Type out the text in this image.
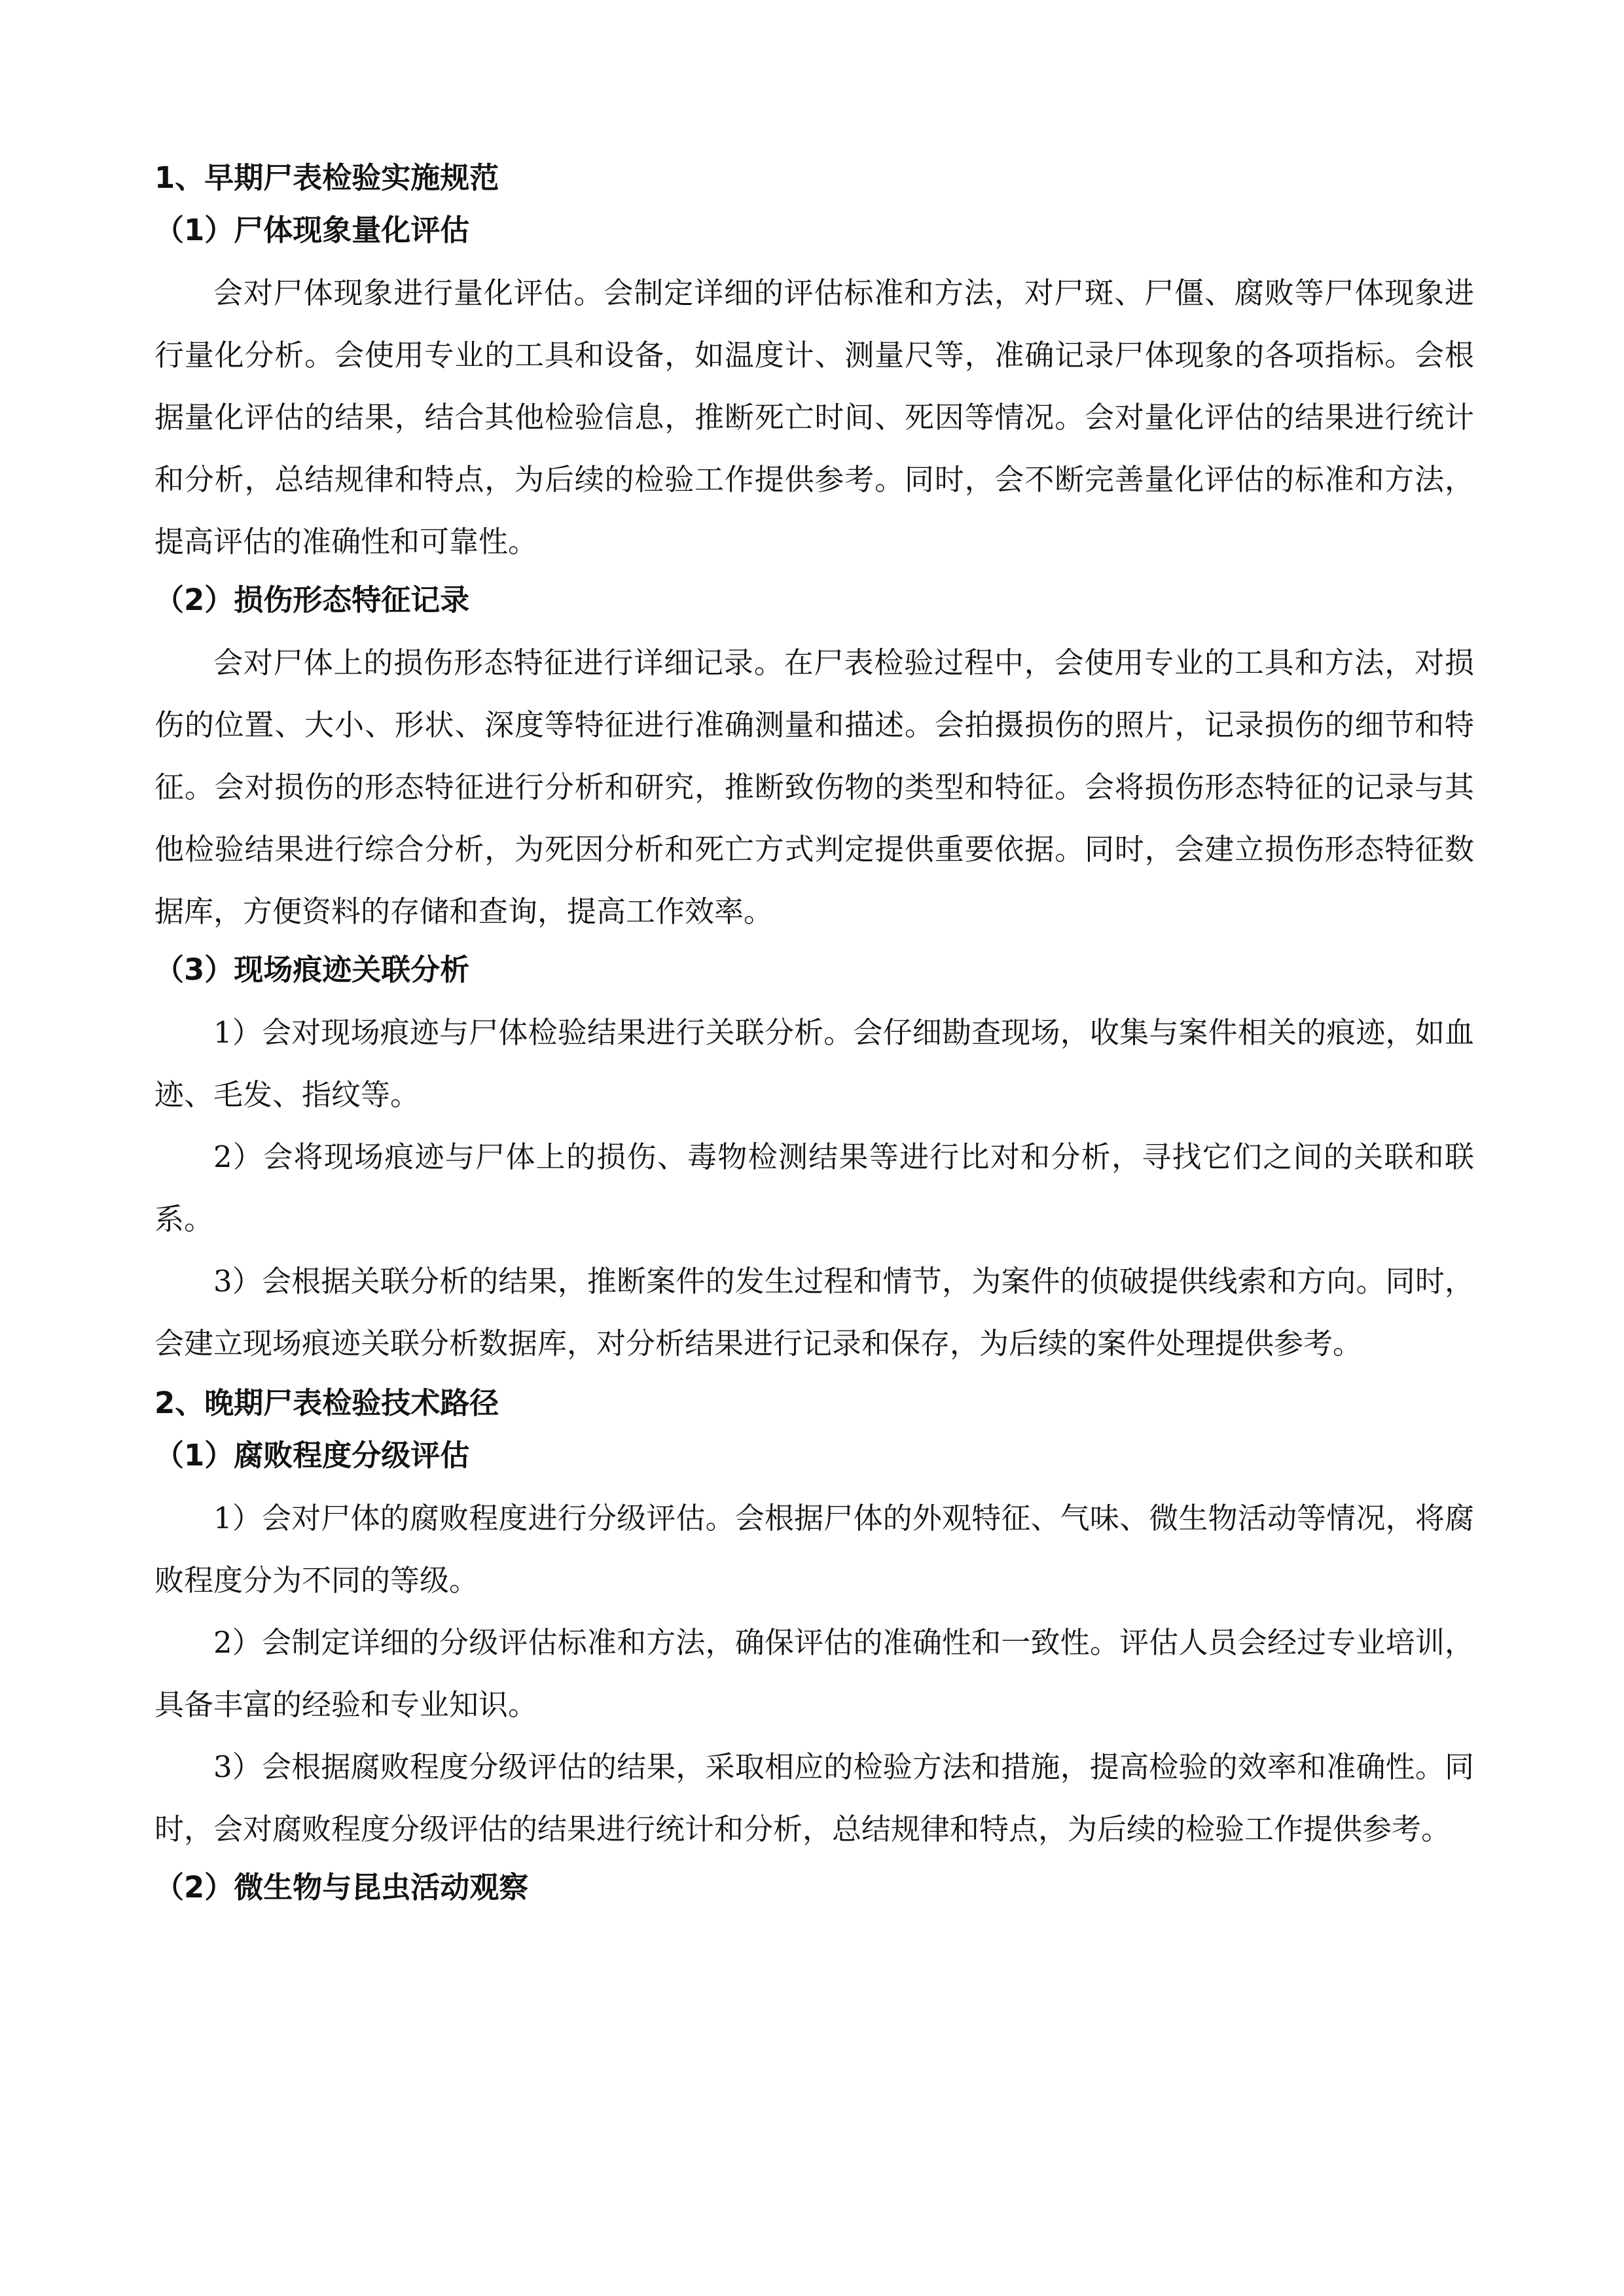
1、早期尸表检验实施规范
（1）尸体现象量化评估

会对尸体现象进行量化评估。会制定详细的评估标准和方法，对尸斑、尸僵、腐败等尸体现象进行量化分析。会使用专业的工具和设备，如温度计、测量尺等，准确记录尸体现象的各项指标。会根据量化评估的结果，结合其他检验信息，推断死亡时间、死因等情况。会对量化评估的结果进行统计和分析，总结规律和特点，为后续的检验工作提供参考。同时，会不断完善量化评估的标准和方法，提高评估的准确性和可靠性。

（2）损伤形态特征记录

会对尸体上的损伤形态特征进行详细记录。在尸表检验过程中，会使用专业的工具和方法，对损伤的位置、大小、形状、深度等特征进行准确测量和描述。会拍摄损伤的照片，记录损伤的细节和特征。会对损伤的形态特征进行分析和研究，推断致伤物的类型和特征。会将损伤形态特征的记录与其他检验结果进行综合分析，为死因分析和死亡方式判定提供重要依据。同时，会建立损伤形态特征数据库，方便资料的存储和查询，提高工作效率。

（3）现场痕迹关联分析

1）会对现场痕迹与尸体检验结果进行关联分析。会仔细勘查现场，收集与案件相关的痕迹，如血迹、毛发、指纹等。

2）会将现场痕迹与尸体上的损伤、毒物检测结果等进行比对和分析，寻找它们之间的关联和联系。

3）会根据关联分析的结果，推断案件的发生过程和情节，为案件的侦破提供线索和方向。同时，会建立现场痕迹关联分析数据库，对分析结果进行记录和保存，为后续的案件处理提供参考。

2、晚期尸表检验技术路径
（1）腐败程度分级评估

1）会对尸体的腐败程度进行分级评估。会根据尸体的外观特征、气味、微生物活动等情况，将腐败程度分为不同的等级。

2）会制定详细的分级评估标准和方法，确保评估的准确性和一致性。评估人员会经过专业培训，具备丰富的经验和专业知识。

3）会根据腐败程度分级评估的结果，采取相应的检验方法和措施，提高检验的效率和准确性。同时，会对腐败程度分级评估的结果进行统计和分析，总结规律和特点，为后续的检验工作提供参考。

（2）微生物与昆虫活动观察
